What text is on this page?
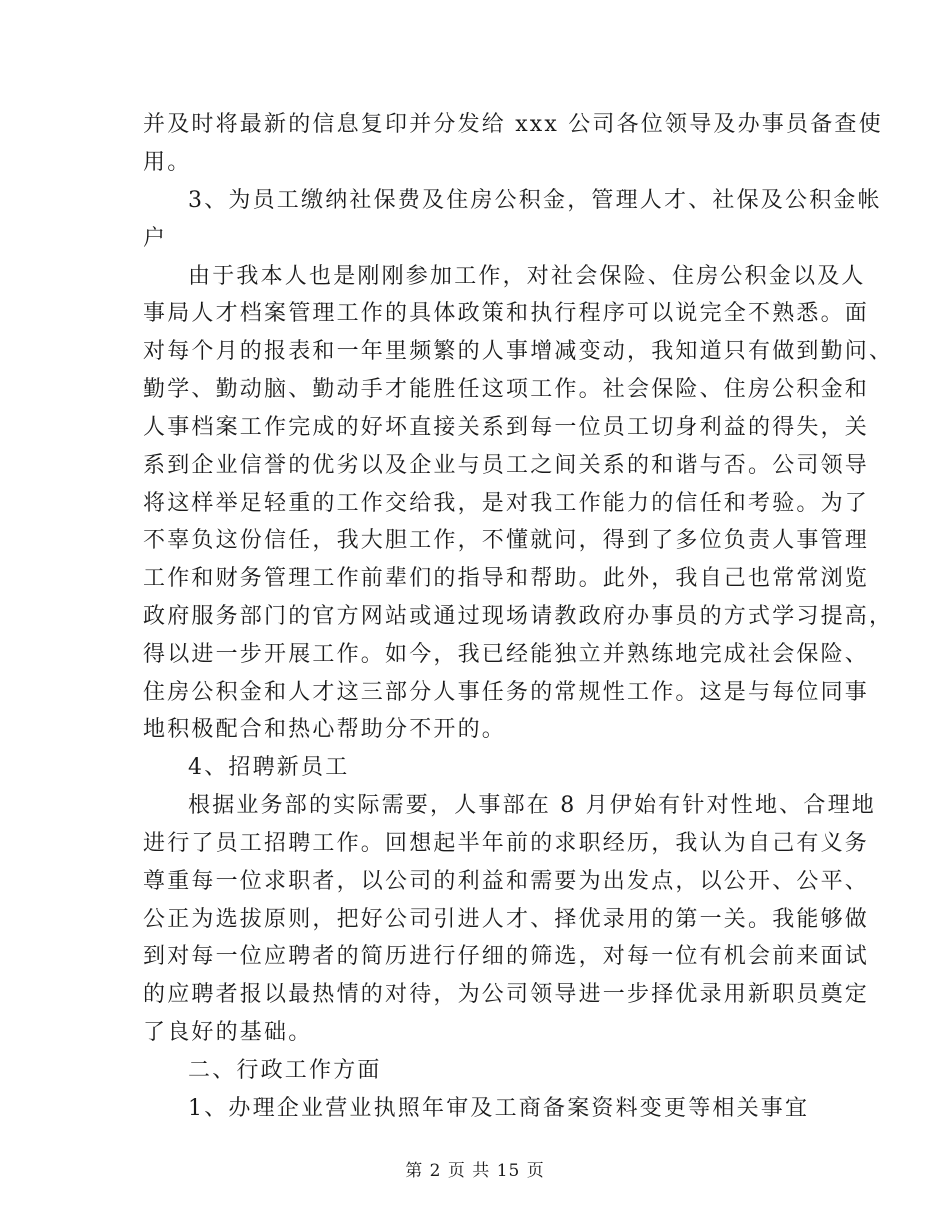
并及时将最新的信息复印并分发给 xxx 公司各位领导及办事员备查使
用。
3、为员工缴纳社保费及住房公积金，管理人才、社保及公积金帐
户
由于我本人也是刚刚参加工作，对社会保险、住房公积金以及人
事局人才档案管理工作的具体政策和执行程序可以说完全不熟悉。面
对每个月的报表和一年里频繁的人事增减变动，我知道只有做到勤问、
勤学、勤动脑、勤动手才能胜任这项工作。社会保险、住房公积金和
人事档案工作完成的好坏直接关系到每一位员工切身利益的得失，关
系到企业信誉的优劣以及企业与员工之间关系的和谐与否。公司领导
将这样举足轻重的工作交给我，是对我工作能力的信任和考验。为了
不辜负这份信任，我大胆工作，不懂就问，得到了多位负责人事管理
工作和财务管理工作前辈们的指导和帮助。此外，我自己也常常浏览
政府服务部门的官方网站或通过现场请教政府办事员的方式学习提高，
得以进一步开展工作。如今，我已经能独立并熟练地完成社会保险、
住房公积金和人才这三部分人事任务的常规性工作。这是与每位同事
地积极配合和热心帮助分不开的。
4、招聘新员工
根据业务部的实际需要，人事部在 8 月伊始有针对性地、合理地
进行了员工招聘工作。回想起半年前的求职经历，我认为自己有义务
尊重每一位求职者，以公司的利益和需要为出发点，以公开、公平、
公正为选拔原则，把好公司引进人才、择优录用的第一关。我能够做
到对每一位应聘者的简历进行仔细的筛选，对每一位有机会前来面试
的应聘者报以最热情的对待，为公司领导进一步择优录用新职员奠定
了良好的基础。
二、行政工作方面
1、办理企业营业执照年审及工商备案资料变更等相关事宜
第 2 页 共 15 页
